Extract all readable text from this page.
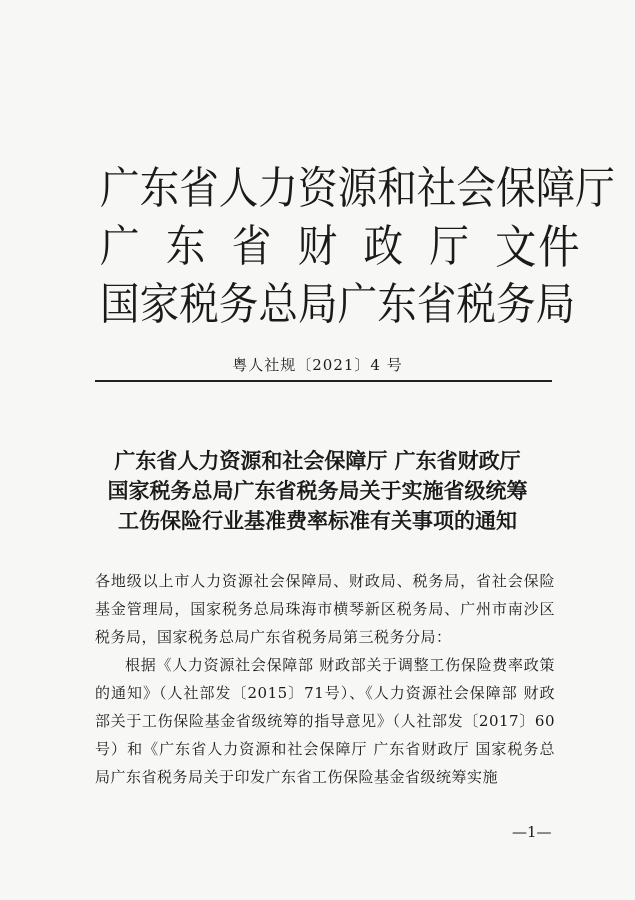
广东省人力资源和社会保障厅
广 东 省 财 政 厅
国家税务总局广东省税务局
文件
粤人社规〔2021〕4 号
广东省人力资源和社会保障厅 广东省财政厅
国家税务总局广东省税务局关于实施省级统筹
工伤保险行业基准费率标准有关事项的通知

各地级以上市人力资源社会保障局、财政局、税务局，省社会保险基金管理局，国家税务总局珠海市横琴新区税务局、广州市南沙区税务局，国家税务总局广东省税务局第三税务分局：

根据《人力资源社会保障部 财政部关于调整工伤保险费率政策的通知》（人社部发〔2015〕71号）、《人力资源社会保障部 财政部关于工伤保险基金省级统筹的指导意见》（人社部发〔2017〕60号）和《广东省人力资源和社会保障厅 广东省财政厅 国家税务总局广东省税务局关于印发广东省工伤保险基金省级统筹实施

—1—
